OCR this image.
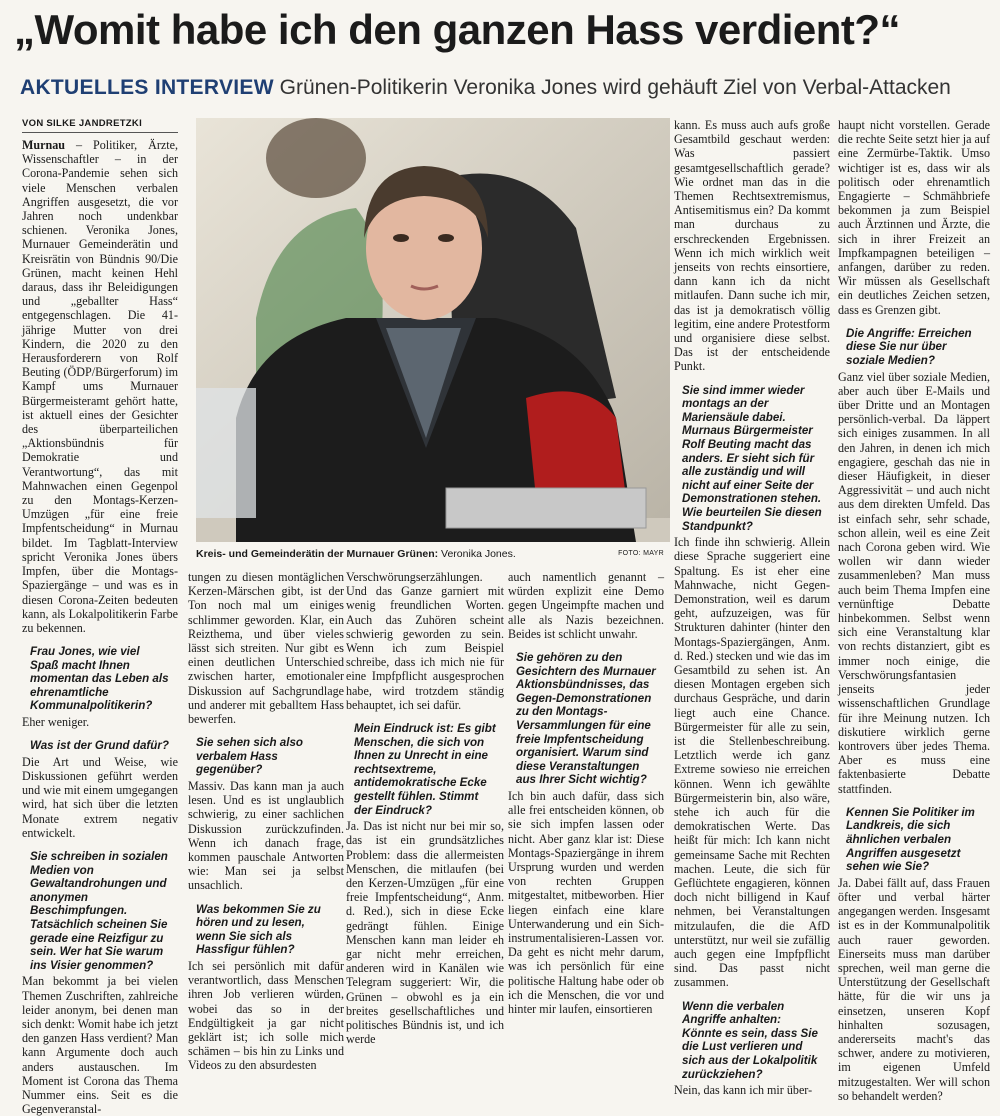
„Womit habe ich den ganzen Hass verdient?“
AKTUELLES INTERVIEW Grünen-Politikerin Veronika Jones wird gehäuft Ziel von Verbal-Attacken
VON SILKE JANDRETZKI

Murnau – Politiker, Ärzte, Wissenschaftler – in der Corona-Pandemie sehen sich viele Menschen verbalen Angriffen ausgesetzt, die vor Jahren noch undenkbar schienen. Veronika Jones, Murnauer Gemeinderätin und Kreisrätin von Bündnis 90/Die Grünen, macht keinen Hehl daraus, dass ihr Beleidigungen und „geballter Hass“ entgegenschlagen. Die 41-jährige Mutter von drei Kindern, die 2020 zu den Herausforderern von Rolf Beuting (ÖDP/Bürgerforum) im Kampf ums Murnauer Bürgermeisteramt gehört hatte, ist aktuell eines der Gesichter des überparteilichen „Aktionsbündnis für Demokratie und Verantwortung“, das mit Mahnwachen einen Gegenpol zu den Montags-Kerzen-Umzügen „für eine freie Impfentscheidung“ in Murnau bildet. Im Tagblatt-Interview spricht Veronika Jones übers Impfen, über die Montags-Spaziergänge – und was es in diesen Corona-Zeiten bedeuten kann, als Lokalpolitikerin Farbe zu bekennen.

Frau Jones, wie viel Spaß macht Ihnen momentan das Leben als ehrenamtliche Kommunalpolitikerin?

Eher weniger.

Was ist der Grund dafür?

Die Art und Weise, wie Diskussionen geführt werden und wie mit einem umgegangen wird, hat sich über die letzten Monate extrem negativ entwickelt.

Sie schreiben in sozialen Medien von Gewaltandrohungen und anonymen Beschimpfungen. Tatsächlich scheinen Sie gerade eine Reizfigur zu sein. Wer hat Sie warum ins Visier genommen?

Man bekommt ja bei vielen Themen Zuschriften, zahlreiche leider anonym, bei denen man sich denkt: Womit habe ich jetzt den ganzen Hass verdient? Man kann Argumente doch auch anders austauschen. Im Moment ist Corona das Thema Nummer eins. Seit es die Gegenveranstal-

Kreis- und Gemeinderätin der Murnauer Grünen: Veronika Jones.	FOTO: MAYR

tungen zu diesen montäglichen Kerzen-Märschen gibt, ist der Ton noch mal um einiges schlimmer geworden. Klar, ein Reizthema, und über vieles lässt sich streiten. Nur gibt es einen deutlichen Unterschied zwischen harter, emotionaler Diskussion auf Sachgrundlage und anderer mit geballtem Hass bewerfen.

Sie sehen sich also verbalem Hass gegenüber?

Massiv. Das kann man ja auch lesen. Und es ist unglaublich schwierig, zu einer sachlichen Diskussion zurückzufinden. Wenn ich danach frage, kommen pauschale Antworten wie: Man sei ja selbst unsachlich.

Was bekommen Sie zu hören und zu lesen, wenn Sie sich als Hassfigur fühlen?

Ich sei persönlich mit dafür verantwortlich, dass Menschen ihren Job verlieren würden, wobei das so in der Endgültigkeit ja gar nicht geklärt ist; ich solle mich schämen – bis hin zu Links und Videos zu den absurdesten

Verschwörungserzählungen. Und das Ganze garniert mit wenig freundlichen Worten. Auch das Zuhören scheint schwierig geworden zu sein. Wenn ich zum Beispiel schreibe, dass ich mich nie für eine Impfpflicht ausgesprochen habe, wird trotzdem ständig behauptet, ich sei dafür.

Mein Eindruck ist: Es gibt Menschen, die sich von Ihnen zu Unrecht in eine rechtsextreme, antidemokratische Ecke gestellt fühlen. Stimmt der Eindruck?

Ja. Das ist nicht nur bei mir so, das ist ein grundsätzliches Problem: dass die allermeisten Menschen, die mitlaufen (bei den Kerzen-Umzügen „für eine freie Impfentscheidung“, Anm. d. Red.), sich in diese Ecke gedrängt fühlen. Einige Menschen kann man leider eh gar nicht mehr erreichen, anderen wird in Kanälen wie Telegram suggeriert: Wir, die Grünen – obwohl es ja ein breites gesellschaftliches und politisches Bündnis ist, und ich werde

auch namentlich genannt – würden explizit eine Demo gegen Ungeimpfte machen und alle als Nazis bezeichnen. Beides ist schlicht unwahr.

Sie gehören zu den Gesichtern des Murnauer Aktionsbündnisses, das Gegen-Demonstrationen zu den Montags-Versammlungen für eine freie Impfentscheidung organisiert. Warum sind diese Veranstaltungen aus Ihrer Sicht wichtig?

Ich bin auch dafür, dass sich alle frei entscheiden können, ob sie sich impfen lassen oder nicht. Aber ganz klar ist: Diese Montags-Spaziergänge in ihrem Ursprung wurden und werden von rechten Gruppen mitgestaltet, mitbeworben. Hier liegen einfach eine klare Unterwanderung und ein Sich-instrumentalisieren-Lassen vor. Da geht es nicht mehr darum, was ich persönlich für eine politische Haltung habe oder ob ich die Menschen, die vor und hinter mir laufen, einsortieren

kann. Es muss auch aufs große Gesamtbild geschaut werden: Was passiert gesamtgesellschaftlich gerade? Wie ordnet man das in die Themen Rechtsextremismus, Antisemitismus ein? Da kommt man durchaus zu erschreckenden Ergebnissen. Wenn ich mich wirklich weit jenseits von rechts einsortiere, dann kann ich da nicht mitlaufen. Dann suche ich mir, das ist ja demokratisch völlig legitim, eine andere Protestform und organisiere diese selbst. Das ist der entscheidende Punkt.

Sie sind immer wieder montags an der Mariensäule dabei. Murnaus Bürgermeister Rolf Beuting macht das anders. Er sieht sich für alle zuständig und will nicht auf einer Seite der Demonstrationen stehen. Wie beurteilen Sie diesen Standpunkt?

Ich finde ihn schwierig. Allein diese Sprache suggeriert eine Spaltung. Es ist eher eine Mahnwache, nicht Gegen-Demonstration, weil es darum geht, aufzuzeigen, was für Strukturen dahinter (hinter den Montags-Spaziergängen, Anm. d. Red.) stecken und wie das im Gesamtbild zu sehen ist. An diesen Montagen ergeben sich durchaus Gespräche, und darin liegt auch eine Chance. Bürgermeister für alle zu sein, ist die Stellenbeschreibung. Letztlich werde ich ganz Extreme sowieso nie erreichen können. Wenn ich gewählte Bürgermeisterin bin, also wäre, stehe ich auch für die demokratischen Werte. Das heißt für mich: Ich kann nicht gemeinsame Sache mit Rechten machen. Leute, die sich für Geflüchtete engagieren, können doch nicht billigend in Kauf nehmen, bei Veranstaltungen mitzulaufen, die die AfD unterstützt, nur weil sie zufällig auch gegen eine Impfpflicht sind. Das passt nicht zusammen.

Wenn die verbalen Angriffe anhalten: Könnte es sein, dass Sie die Lust verlieren und sich aus der Lokalpolitik zurückziehen?

Nein, das kann ich mir über-

haupt nicht vorstellen. Gerade die rechte Seite setzt hier ja auf eine Zermürbe-Taktik. Umso wichtiger ist es, dass wir als politisch oder ehrenamtlich Engagierte – Schmähbriefe bekommen ja zum Beispiel auch Ärztinnen und Ärzte, die sich in ihrer Freizeit an Impfkampagnen beteiligen – anfangen, darüber zu reden. Wir müssen als Gesellschaft ein deutliches Zeichen setzen, dass es Grenzen gibt.

Die Angriffe: Erreichen diese Sie nur über soziale Medien?

Ganz viel über soziale Medien, aber auch über E-Mails und über Dritte und an Montagen persönlich-verbal. Da läppert sich einiges zusammen. In all den Jahren, in denen ich mich engagiere, geschah das nie in dieser Häufigkeit, in dieser Aggressivität – und auch nicht aus dem direkten Umfeld. Das ist einfach sehr, sehr schade, schon allein, weil es eine Zeit nach Corona geben wird. Wie wollen wir dann wieder zusammenleben? Man muss auch beim Thema Impfen eine vernünftige Debatte hinbekommen. Selbst wenn sich eine Veranstaltung klar von rechts distanziert, gibt es immer noch einige, die Verschwörungsfantasien jenseits jeder wissenschaftlichen Grundlage für ihre Meinung nutzen. Ich diskutiere wirklich gerne kontrovers über jedes Thema. Aber es muss eine faktenbasierte Debatte stattfinden.

Kennen Sie Politiker im Landkreis, die sich ähnlichen verbalen Angriffen ausgesetzt sehen wie Sie?

Ja. Dabei fällt auf, dass Frauen öfter und verbal härter angegangen werden. Insgesamt ist es in der Kommunalpolitik auch rauer geworden. Einerseits muss man darüber sprechen, weil man gerne die Unterstützung der Gesellschaft hätte, für die wir uns ja einsetzen, unseren Kopf hinhalten sozusagen, andererseits macht's das schwer, andere zu motivieren, im eigenen Umfeld mitzugestalten. Wer will schon so behandelt werden?
